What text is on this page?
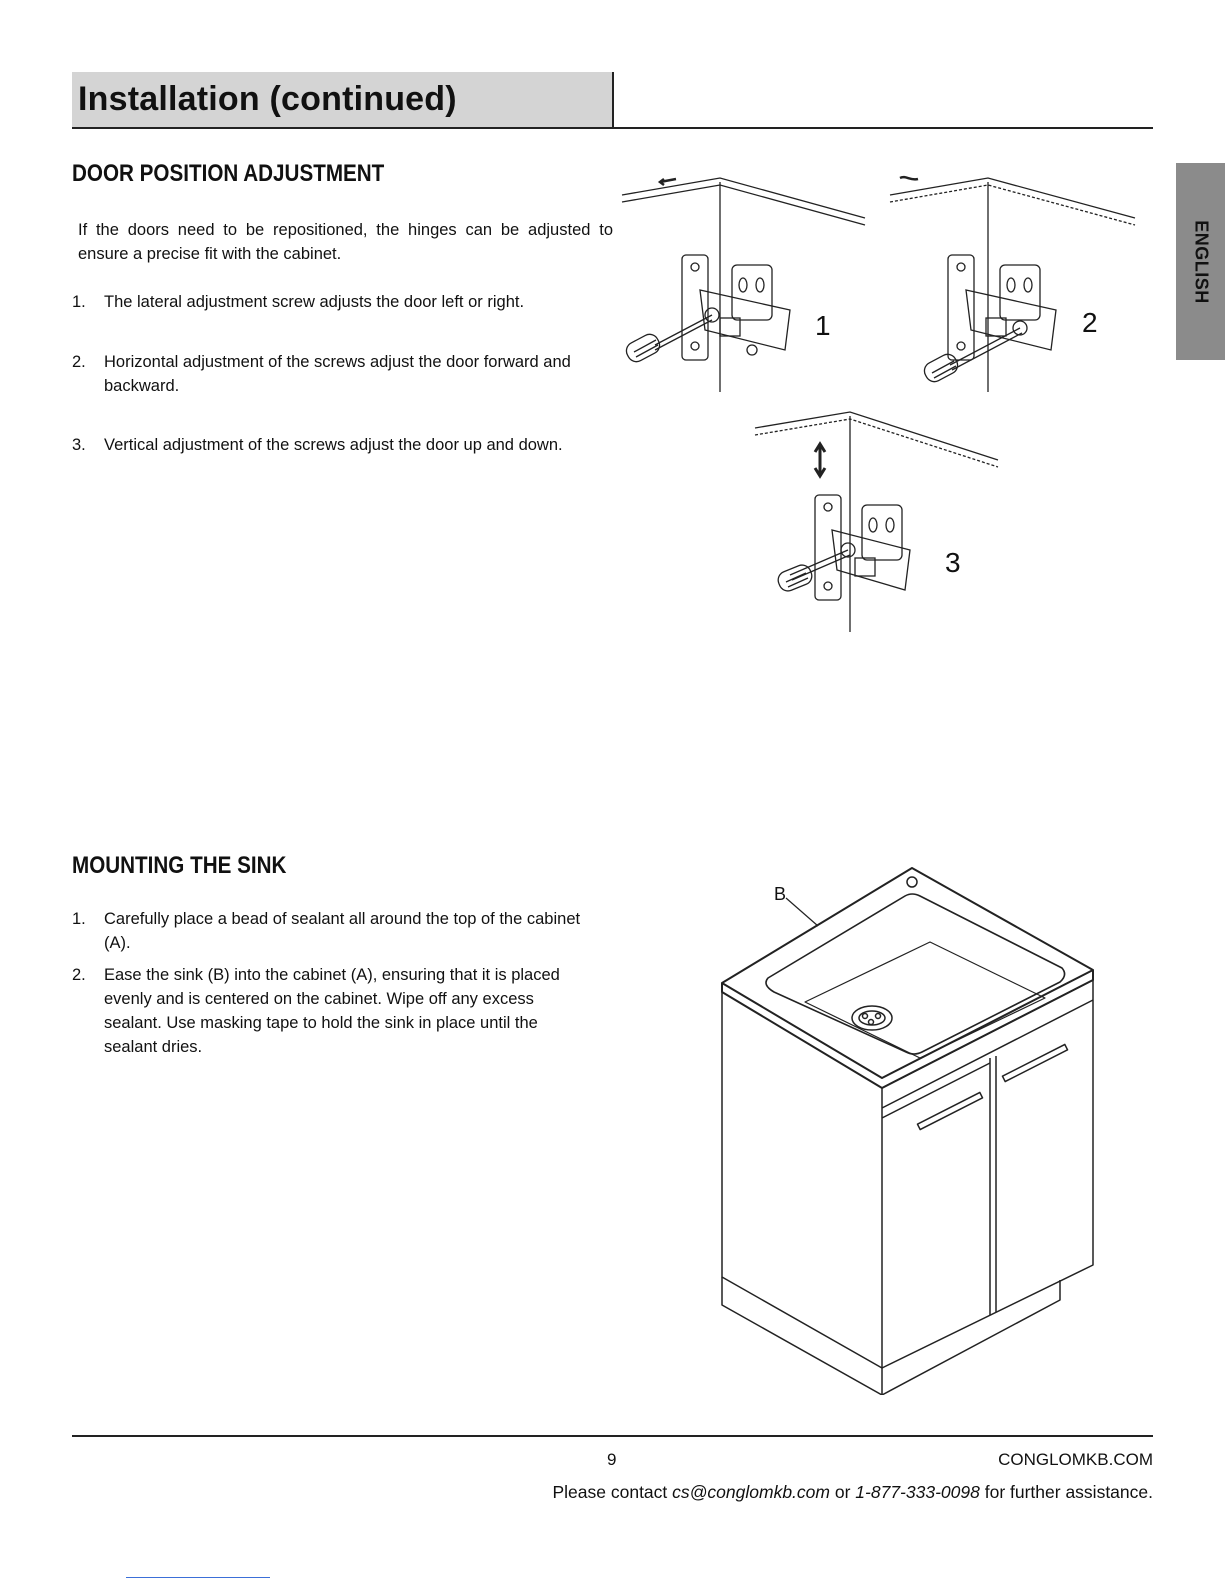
Installation (continued)
ENGLISH
DOOR POSITION ADJUSTMENT
If the doors need to be repositioned, the hinges can be adjusted to ensure a precise fit with the cabinet.
1.	The lateral adjustment screw adjusts the door left or right.
2.	Horizontal adjustment of the screws adjust the door forward and backward.
3.	Vertical adjustment of the screws adjust the door up and down.
1	2
3
MOUNTING THE SINK
1.	Carefully place a bead of sealant all around the top of the cabinet (A).
2.	Ease the sink (B) into the cabinet (A), ensuring that it is placed evenly and is centered on the cabinet. Wipe off any excess sealant. Use masking tape to hold the sink in place until the sealant dries.
B
9	CONGLOMKB.COM
Please contact cs@conglomkb.com or 1-877-333-0098 for further assistance.
